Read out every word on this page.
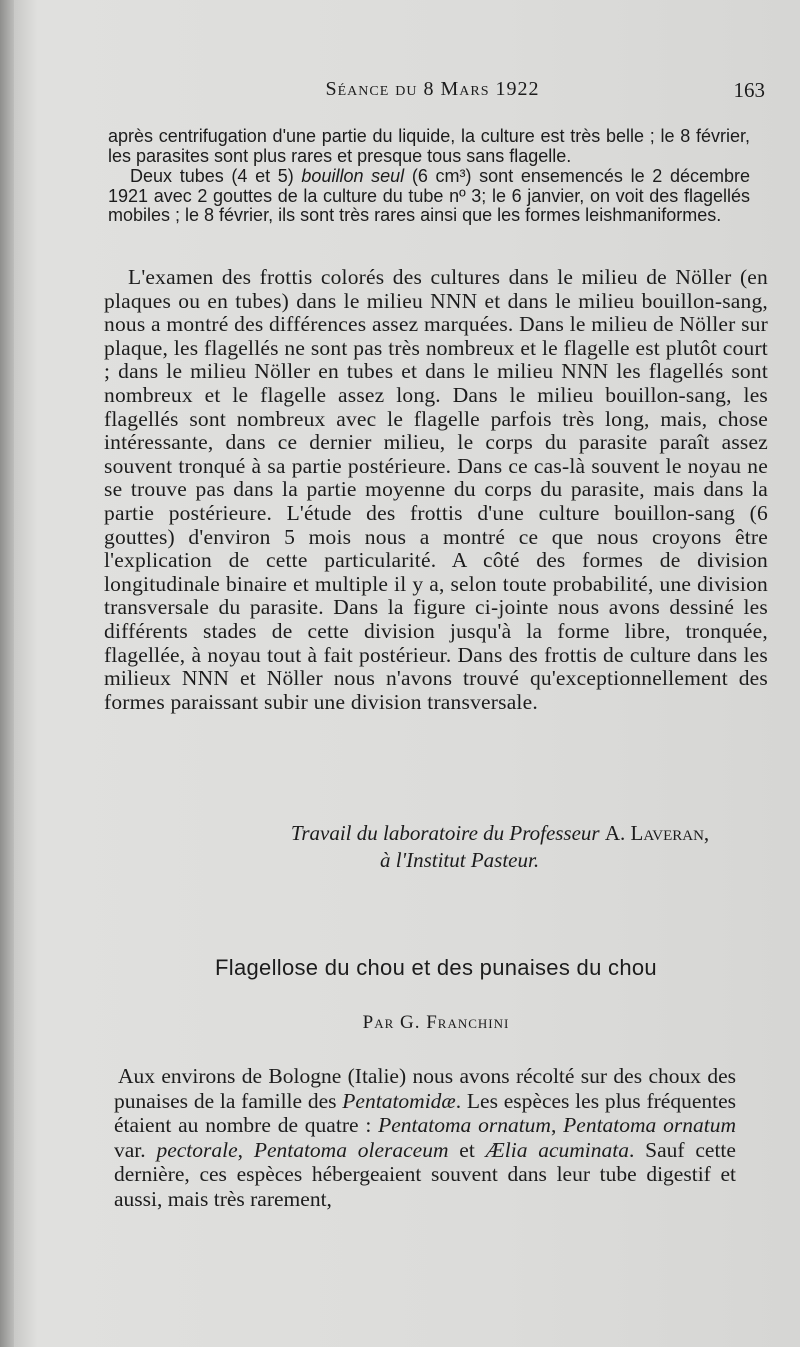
Séance du 8 Mars 1922	163
après centrifugation d'une partie du liquide, la culture est très belle ; le 8 février, les parasites sont plus rares et presque tous sans flagelle.
Deux tubes (4 et 5) bouillon seul (6 cm³) sont ensemencés le 2 décembre 1921 avec 2 gouttes de la culture du tube nº 3; le 6 janvier, on voit des flagellés mobiles ; le 8 février, ils sont très rares ainsi que les formes leishmaniformes.
L'examen des frottis colorés des cultures dans le milieu de Nöller (en plaques ou en tubes) dans le milieu NNN et dans le milieu bouillon-sang, nous a montré des différences assez marquées. Dans le milieu de Nöller sur plaque, les flagellés ne sont pas très nombreux et le flagelle est plutôt court ; dans le milieu Nöller en tubes et dans le milieu NNN les flagellés sont nombreux et le flagelle assez long. Dans le milieu bouillon-sang, les flagellés sont nombreux avec le flagelle parfois très long, mais, chose intéressante, dans ce dernier milieu, le corps du parasite paraît assez souvent tronqué à sa partie postérieure. Dans ce cas-là souvent le noyau ne se trouve pas dans la partie moyenne du corps du parasite, mais dans la partie postérieure. L'étude des frottis d'une culture bouillon-sang (6 gouttes) d'environ 5 mois nous a montré ce que nous croyons être l'explication de cette particularité. A côté des formes de division longitudinale binaire et multiple il y a, selon toute probabilité, une division transversale du parasite. Dans la figure ci-jointe nous avons dessiné les différents stades de cette division jusqu'à la forme libre, tronquée, flagellée, à noyau tout à fait postérieur. Dans des frottis de culture dans les milieux NNN et Nöller nous n'avons trouvé qu'exceptionnellement des formes paraissant subir une division transversale.
Travail du laboratoire du Professeur A. Laveran,
à l'Institut Pasteur.
Flagellose du chou et des punaises du chou
Par G. Franchini
Aux environs de Bologne (Italie) nous avons récolté sur des choux des punaises de la famille des Pentatomidæ. Les espèces les plus fréquentes étaient au nombre de quatre : Pentatoma ornatum, Pentatoma ornatum var. pectorale, Pentatoma oleraceum et Ælia acuminata. Sauf cette dernière, ces espèces hébergeaient souvent dans leur tube digestif et aussi, mais très rarement,
